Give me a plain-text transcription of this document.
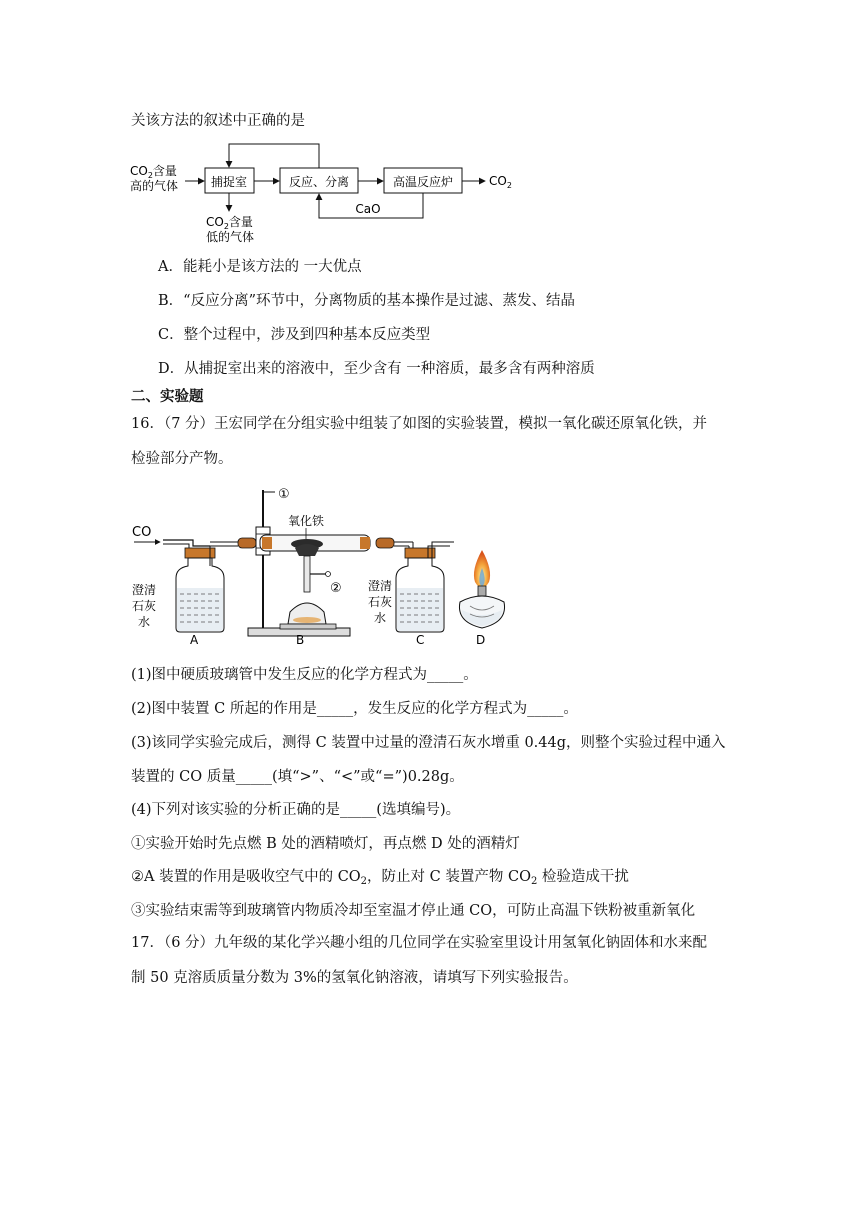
关该方法的叙述中正确的是
$CO_2$含量
高的气体	捕捉室	反应、分离	高温反应炉	$CO_2$
CaO
$CO_2$含量
低的气体
A．能耗小是该方法的 一大优点
B．“反应分离”环节中，分离物质的基本操作是过滤、蒸发、结晶
C．整个过程中，涉及到四种基本反应类型
D．从捕捉室出来的溶液中，至少含有 一种溶质，最多含有两种溶质
二、实验题
16．（7 分）王宏同学在分组实验中组装了如图的实验装置，模拟一氧化碳还原氧化铁，并
检验部分产物。
CO
澄清
石灰
水
①
氧化铁
② 澄清
石灰
水
A	B	C	D
(1)图中硬质玻璃管中发生反应的化学方程式为_____。
(2)图中装置 C 所起的作用是_____，发生反应的化学方程式为_____。
(3)该同学实验完成后，测得 C 装置中过量的澄清石灰水增重 0.44g，则整个实验过程中通入
装置的 CO 质量_____(填“>”、“<”或“=”)0.28g。
(4)下列对该实验的分析正确的是_____(选填编号)。
①实验开始时先点燃 B 处的酒精喷灯，再点燃 D 处的酒精灯
②A 装置的作用是吸收空气中的 $CO_2$，防止对 C 装置产物 $CO_2$ 检验造成干扰
③实验结束需等到玻璃管内物质冷却至室温才停止通 CO，可防止高温下铁粉被重新氧化
17．（6 分）九年级的某化学兴趣小组的几位同学在实验室里设计用氢氧化钠固体和水来配
制 50 克溶质质量分数为 3%的氢氧化钠溶液，请填写下列实验报告。
